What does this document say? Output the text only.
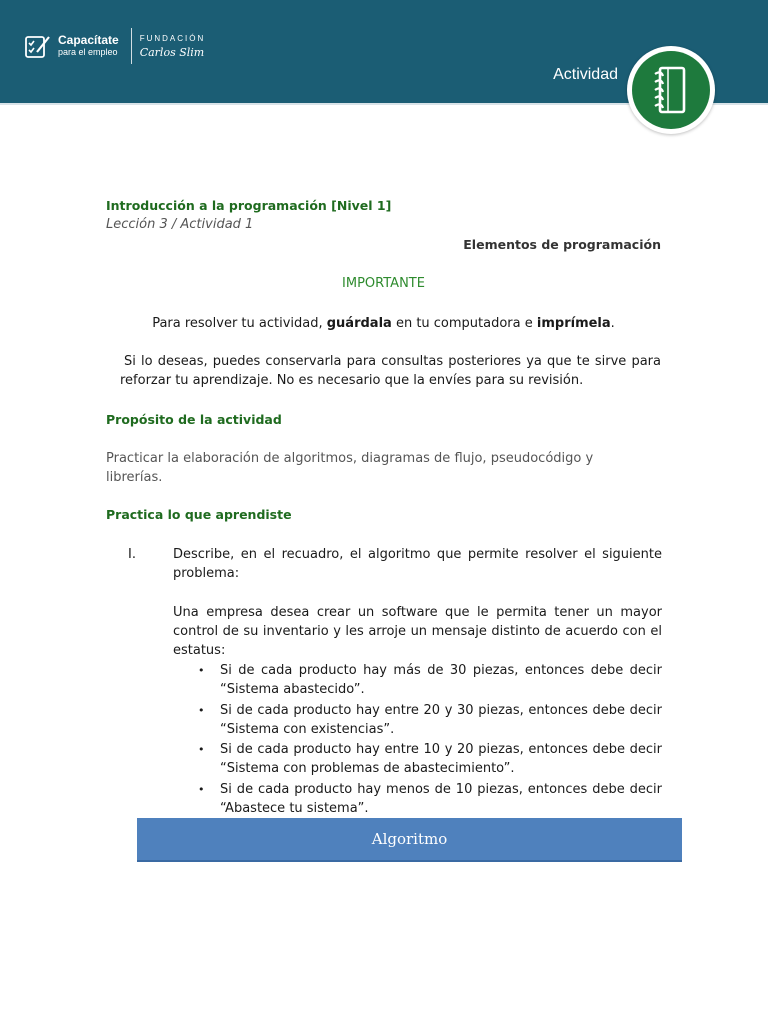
Capacítate
para el empleo
FUNDACIÓN
Carlos Slim
Actividad

Introducción a la programación [Nivel 1]

Lección 3 / Actividad 1

Elementos de programación

IMPORTANTE

Para resolver tu actividad, guárdala en tu computadora e imprímela.

Si lo deseas, puedes conservarla para consultas posteriores ya que te sirve para reforzar tu aprendizaje. No es necesario que la envíes para su revisión.

Propósito de la actividad

Practicar la elaboración de algoritmos, diagramas de flujo, pseudocódigo y librerías.

Practica lo que aprendiste

I.	Describe, en el recuadro, el algoritmo que permite resolver el siguiente problema:

Una empresa desea crear un software que le permita tener un mayor control de su inventario y les arroje un mensaje distinto de acuerdo con el estatus:

• Si de cada producto hay más de 30 piezas, entonces debe decir “Sistema abastecido”.
• Si de cada producto hay entre 20 y 30 piezas, entonces debe decir “Sistema con existencias”.
• Si de cada producto hay entre 10 y 20 piezas, entonces debe decir “Sistema con problemas de abastecimiento”.
• Si de cada producto hay menos de 10 piezas, entonces debe decir “Abastece tu sistema”.
Algoritmo
